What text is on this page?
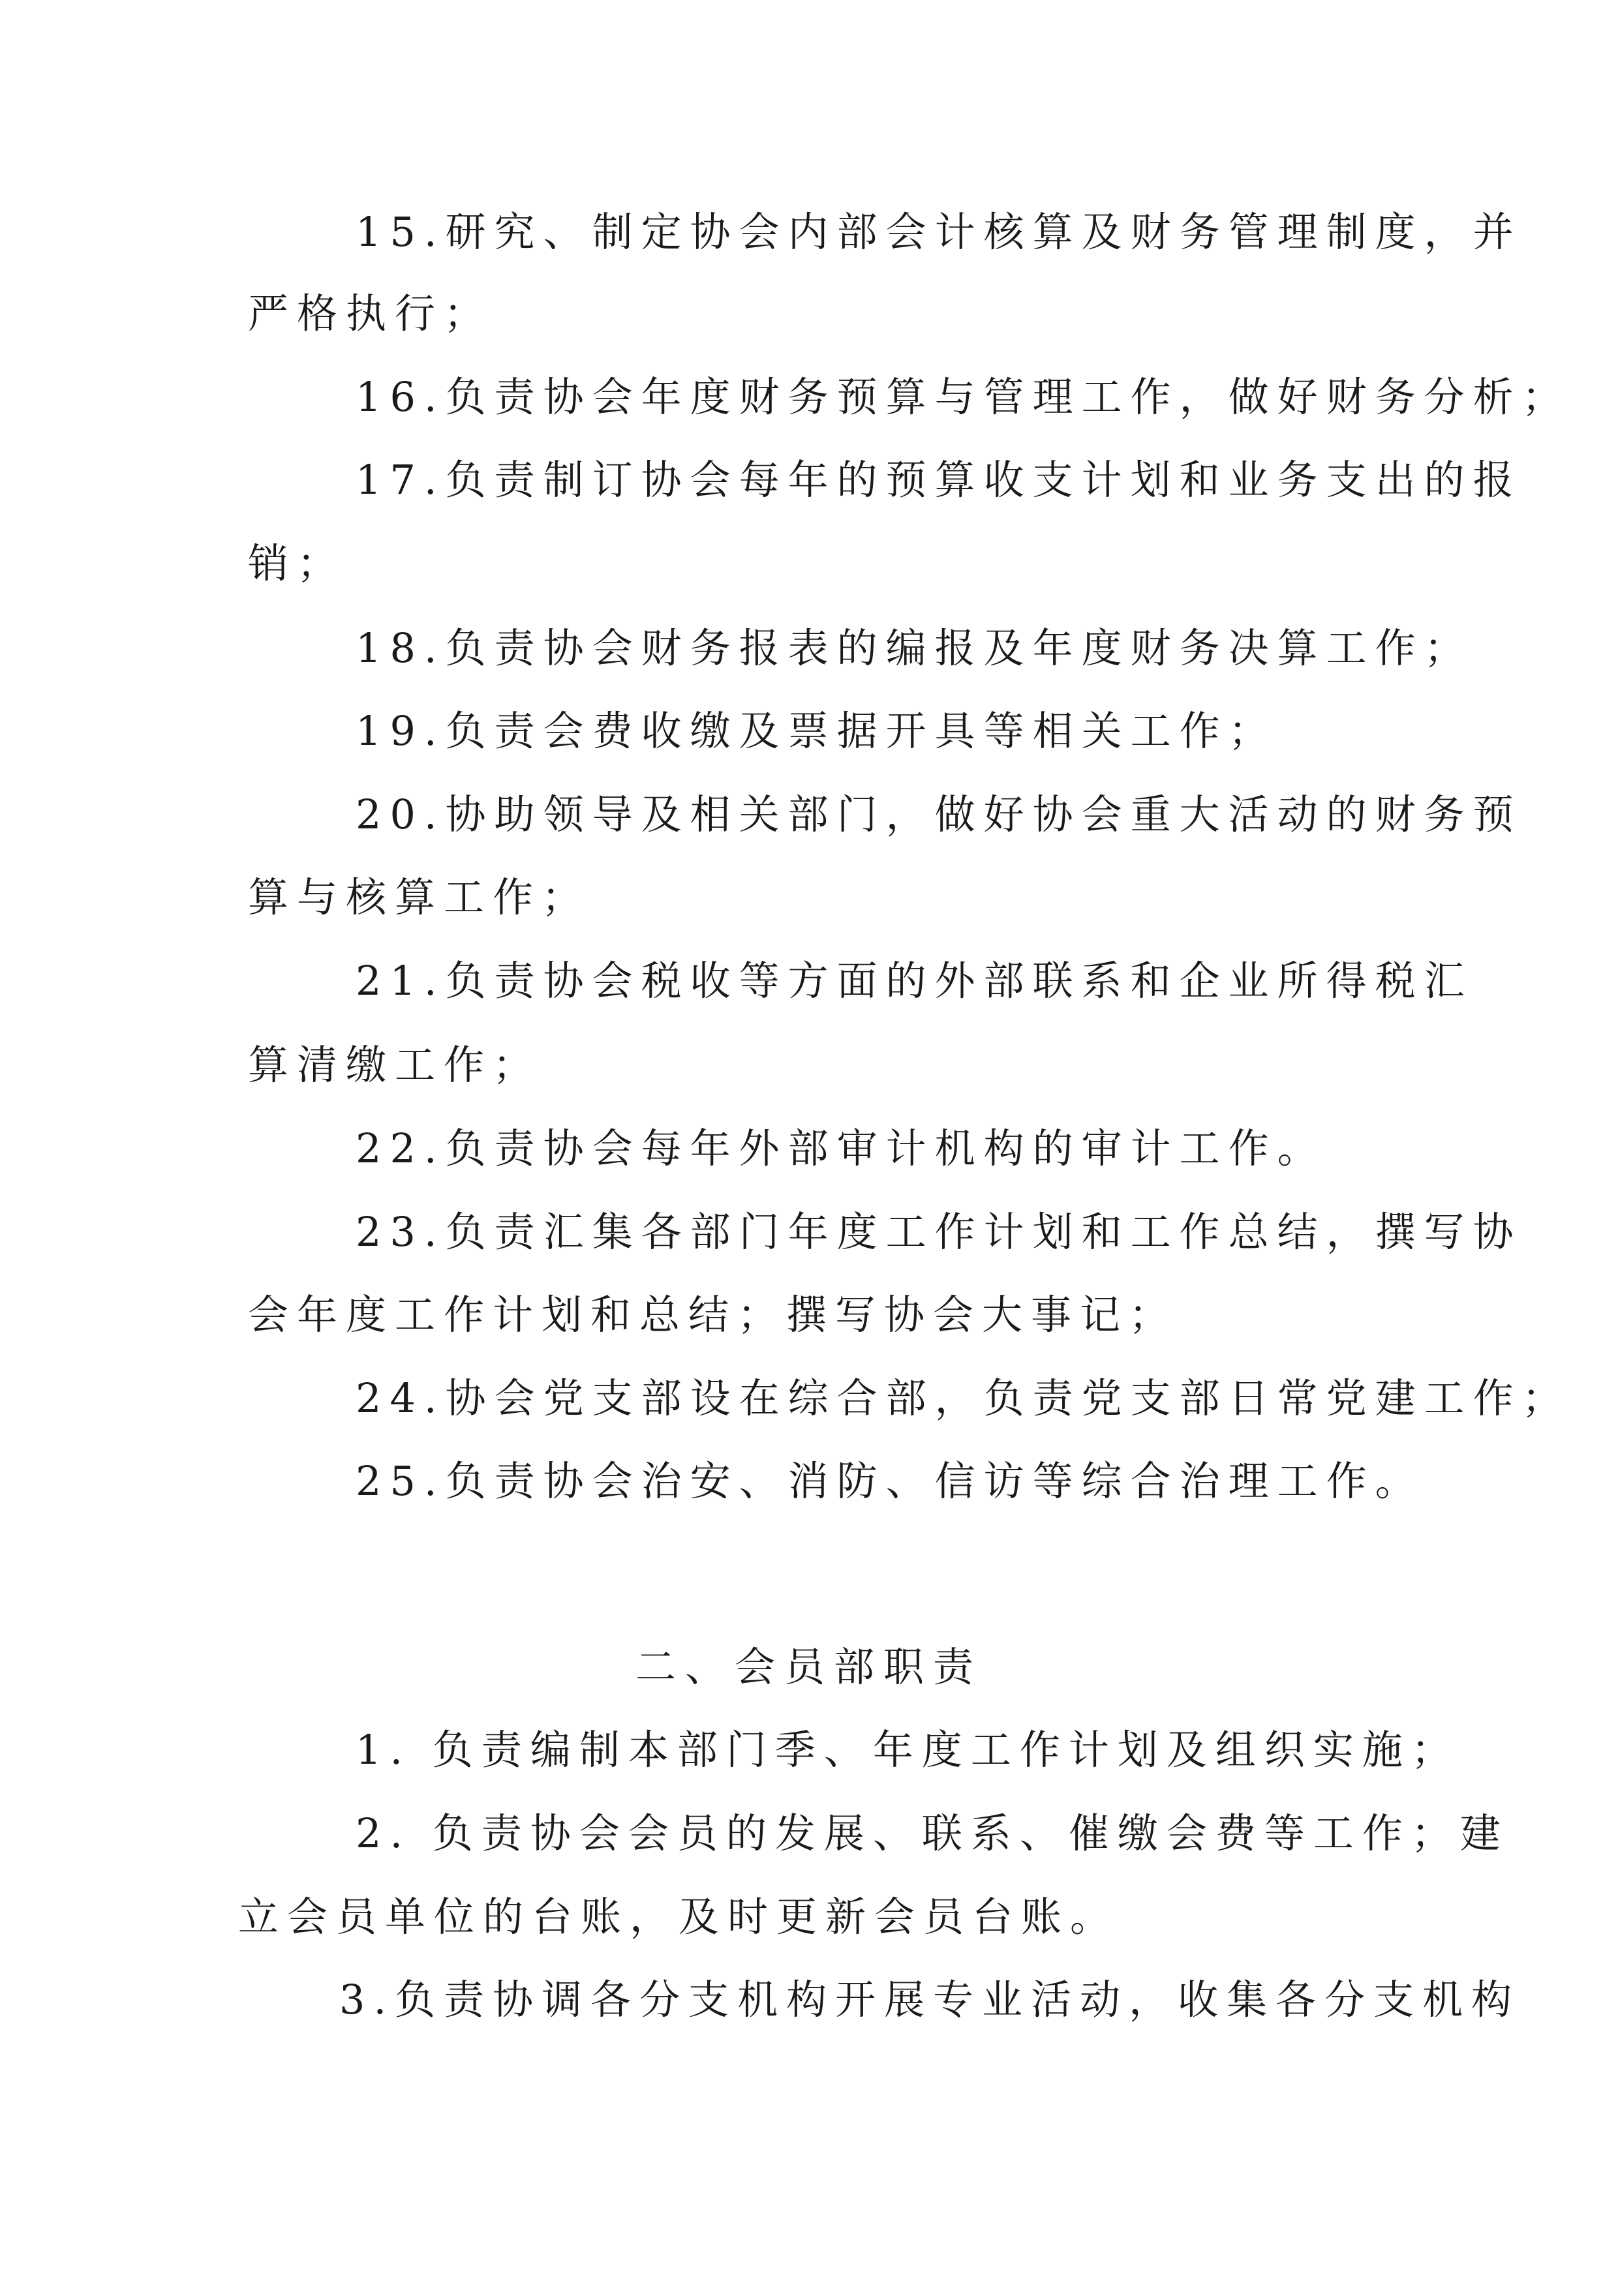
15.研究、制定协会内部会计核算及财务管理制度，并
严格执行；
16.负责协会年度财务预算与管理工作，做好财务分析；
17.负责制订协会每年的预算收支计划和业务支出的报
销；
18.负责协会财务报表的编报及年度财务决算工作；
19.负责会费收缴及票据开具等相关工作；
20.协助领导及相关部门，做好协会重大活动的财务预
算与核算工作；
21.负责协会税收等方面的外部联系和企业所得税汇
算清缴工作；
22.负责协会每年外部审计机构的审计工作。
23.负责汇集各部门年度工作计划和工作总结，撰写协
会年度工作计划和总结；撰写协会大事记；
24.协会党支部设在综合部，负责党支部日常党建工作；
25.负责协会治安、消防、信访等综合治理工作。
二、会员部职责
1. 负责编制本部门季、年度工作计划及组织实施；
2. 负责协会会员的发展、联系、催缴会费等工作；建
立会员单位的台账，及时更新会员台账。
3.负责协调各分支机构开展专业活动，收集各分支机构
